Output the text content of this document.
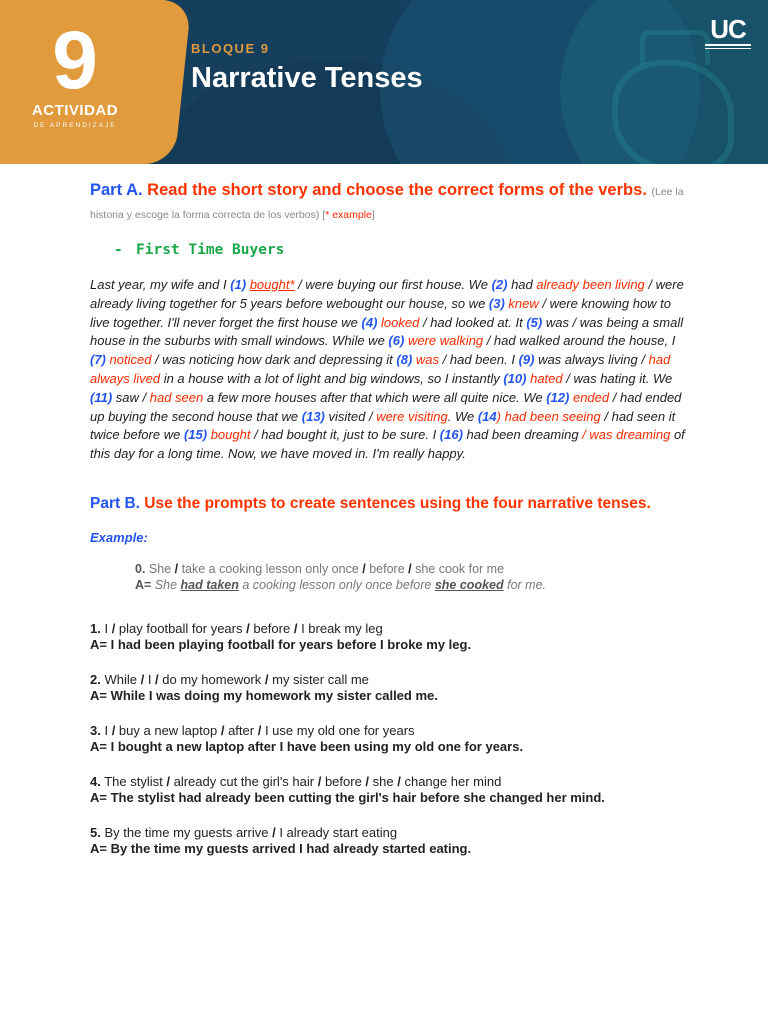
9
ACTIVIDAD
DE APRENDIZAJE
BLOQUE 9
Narrative Tenses
UC
Part A. Read the short story and choose the correct forms of the verbs. (Lee la historia y escoge la forma correcta de los verbos) [* example]
- First Time Buyers
Last year, my wife and I (1) bought* / were buying our first house. We (2) had already been living / were already living together for 5 years before webought our house, so we (3) knew / were knowing how to live together. I'll never forget the first house we (4) looked / had looked at. It (5) was / was being a small house in the suburbs with small windows. While we (6) were walking / had walked around the house, I (7) noticed / was noticing how dark and depressing it (8) was / had been. I (9) was always living / had always lived in a house with a lot of light and big windows, so I instantly (10) hated / was hating it. We (11) saw / had seen a few more houses after that which were all quite nice. We (12) ended / had ended up buying the second house that we (13) visited / were visiting. We (14) had been seeing / had seen it twice before we (15) bought / had bought it, just to be sure. I (16) had been dreaming / was dreaming of this day for a long time. Now, we have moved in. I'm really happy.
Part B. Use the prompts to create sentences using the four narrative tenses.
Example:
0. She / take a cooking lesson only once / before / she cook for me
A= She had taken a cooking lesson only once before she cooked for me.
1. I / play football for years / before / I break my leg
A= I had been playing football for years before I broke my leg.
2. While / I / do my homework / my sister call me
A= While I was doing my homework my sister called me.
3. I / buy a new laptop / after / I use my old one for years
A= I bought a new laptop after I have been using my old one for years.
4. The stylist / already cut the girl's hair / before / she / change her mind
A= The stylist had already been cutting the girl's hair before she changed her mind.
5. By the time my guests arrive / I already start eating
A= By the time my guests arrived I had already started eating.
